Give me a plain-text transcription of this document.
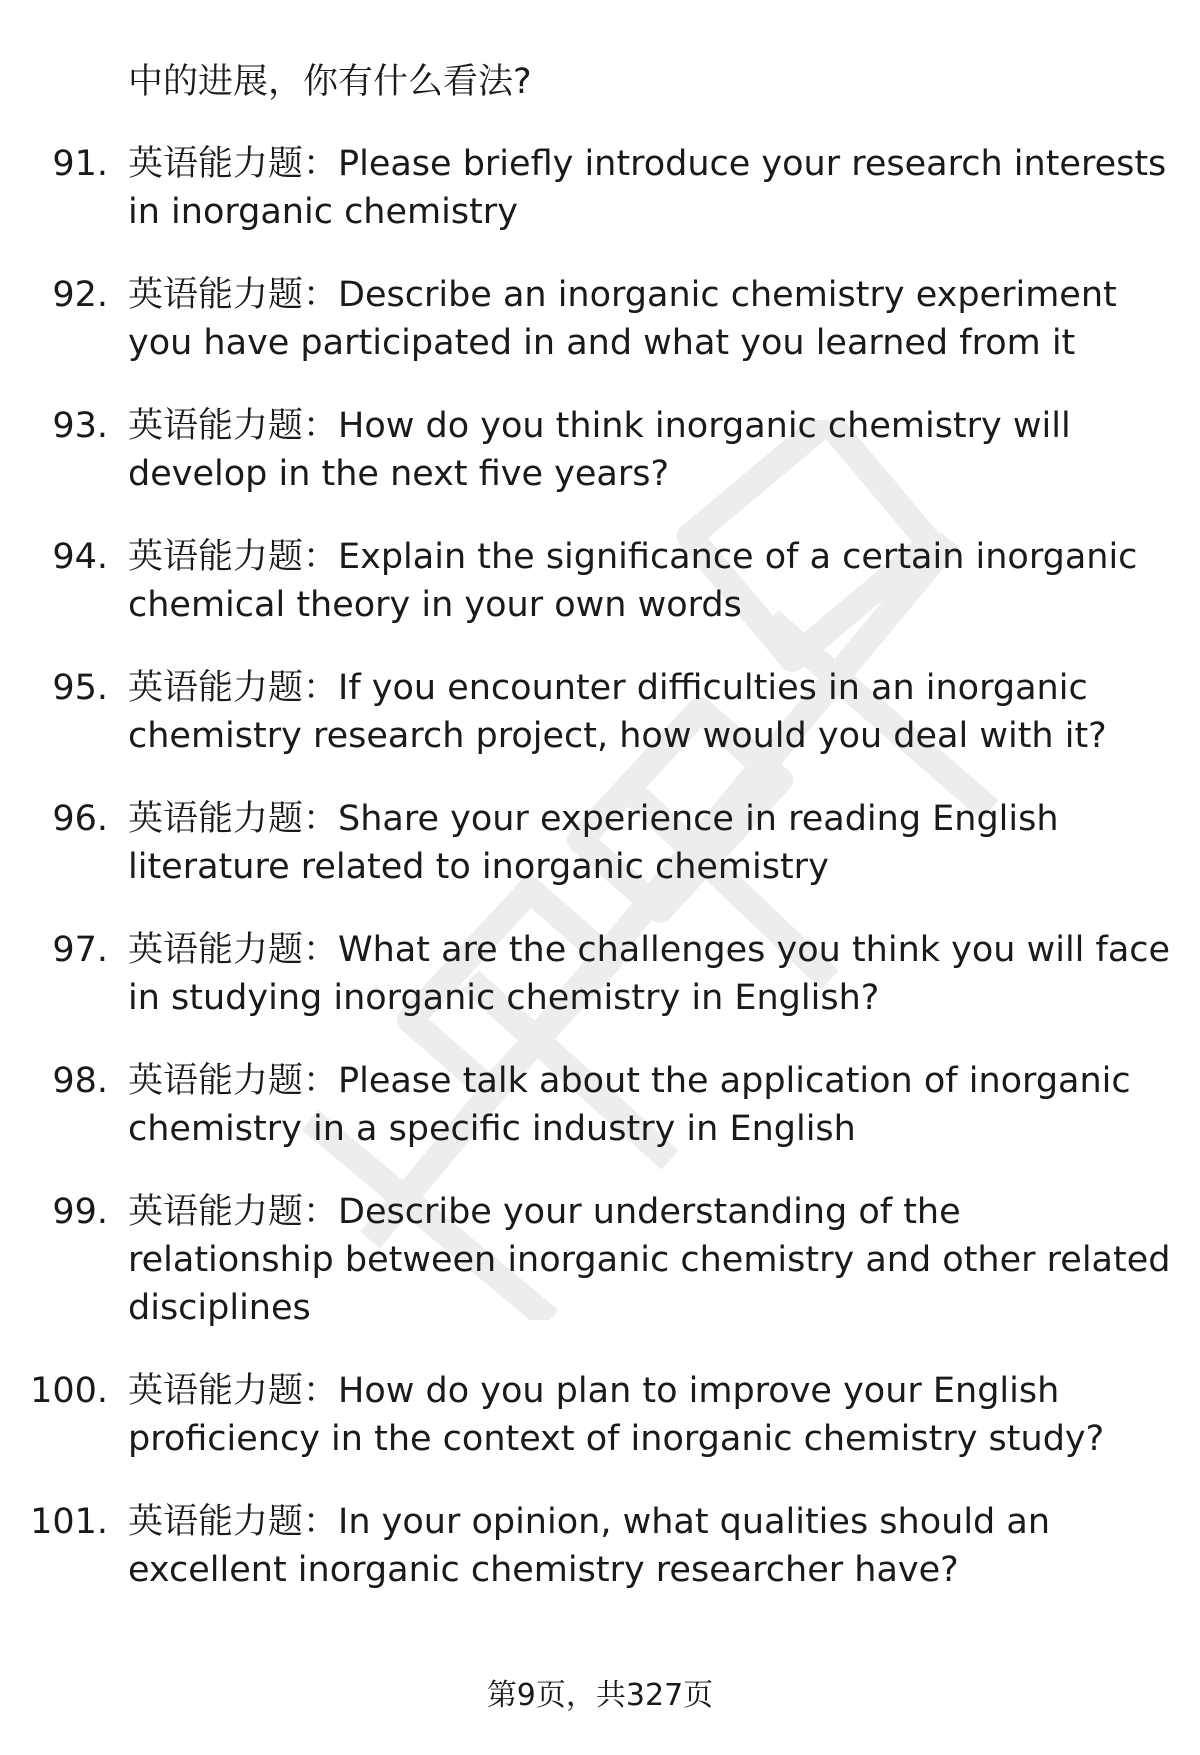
中的进展，你有什么看法?
91. 英语能力题：Please briefly introduce your research interests in inorganic chemistry
92. 英语能力题：Describe an inorganic chemistry experiment you have participated in and what you learned from it
93. 英语能力题：How do you think inorganic chemistry will develop in the next five years?
94. 英语能力题：Explain the significance of a certain inorganic chemical theory in your own words
95. 英语能力题：If you encounter difficulties in an inorganic chemistry research project, how would you deal with it?
96. 英语能力题：Share your experience in reading English literature related to inorganic chemistry
97. 英语能力题：What are the challenges you think you will face in studying inorganic chemistry in English?
98. 英语能力题：Please talk about the application of inorganic chemistry in a specific industry in English
99. 英语能力题：Describe your understanding of the relationship between inorganic chemistry and other related disciplines
100. 英语能力题：How do you plan to improve your English proficiency in the context of inorganic chemistry study?
101. 英语能力题：In your opinion, what qualities should an excellent inorganic chemistry researcher have?
第9页，共327页
